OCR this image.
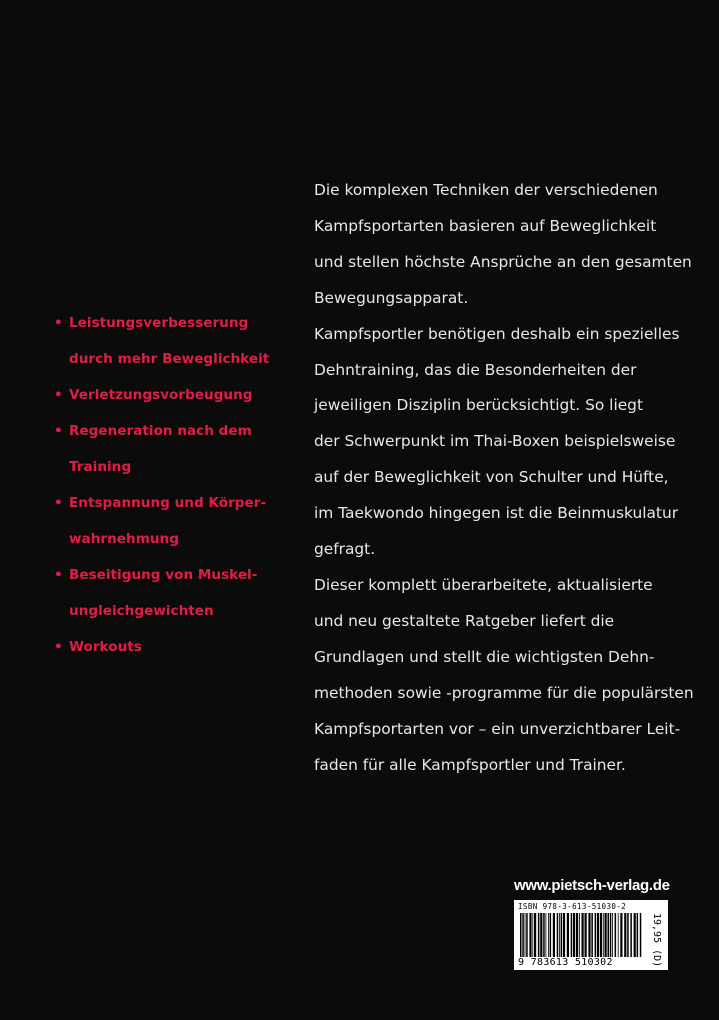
• Leistungsverbesserung
durch mehr Beweglichkeit
• Verletzungsvorbeugung
• Regeneration nach dem
Training
• Entspannung und Körper-
wahrnehmung
• Beseitigung von Muskel-
ungleichgewichten
• Workouts
Die komplexen Techniken der verschiedenen
Kampfsportarten basieren auf Beweglichkeit
und stellen höchste Ansprüche an den gesamten
Bewegungsapparat.
Kampfsportler benötigen deshalb ein spezielles
Dehntraining, das die Besonderheiten der
jeweiligen Disziplin berücksichtigt. So liegt
der Schwerpunkt im Thai-Boxen beispielsweise
auf der Beweglichkeit von Schulter und Hüfte,
im Taekwondo hingegen ist die Beinmuskulatur
gefragt.
Dieser komplett überarbeitete, aktualisierte
und neu gestaltete Ratgeber liefert die
Grundlagen und stellt die wichtigsten Dehn-
methoden sowie -programme für die populärsten
Kampfsportarten vor – ein unverzichtbarer Leit-
faden für alle Kampfsportler und Trainer.
www.pietsch-verlag.de
ISBN 978-3-613-51030-2
9 783613 510302	19,95 (D)
